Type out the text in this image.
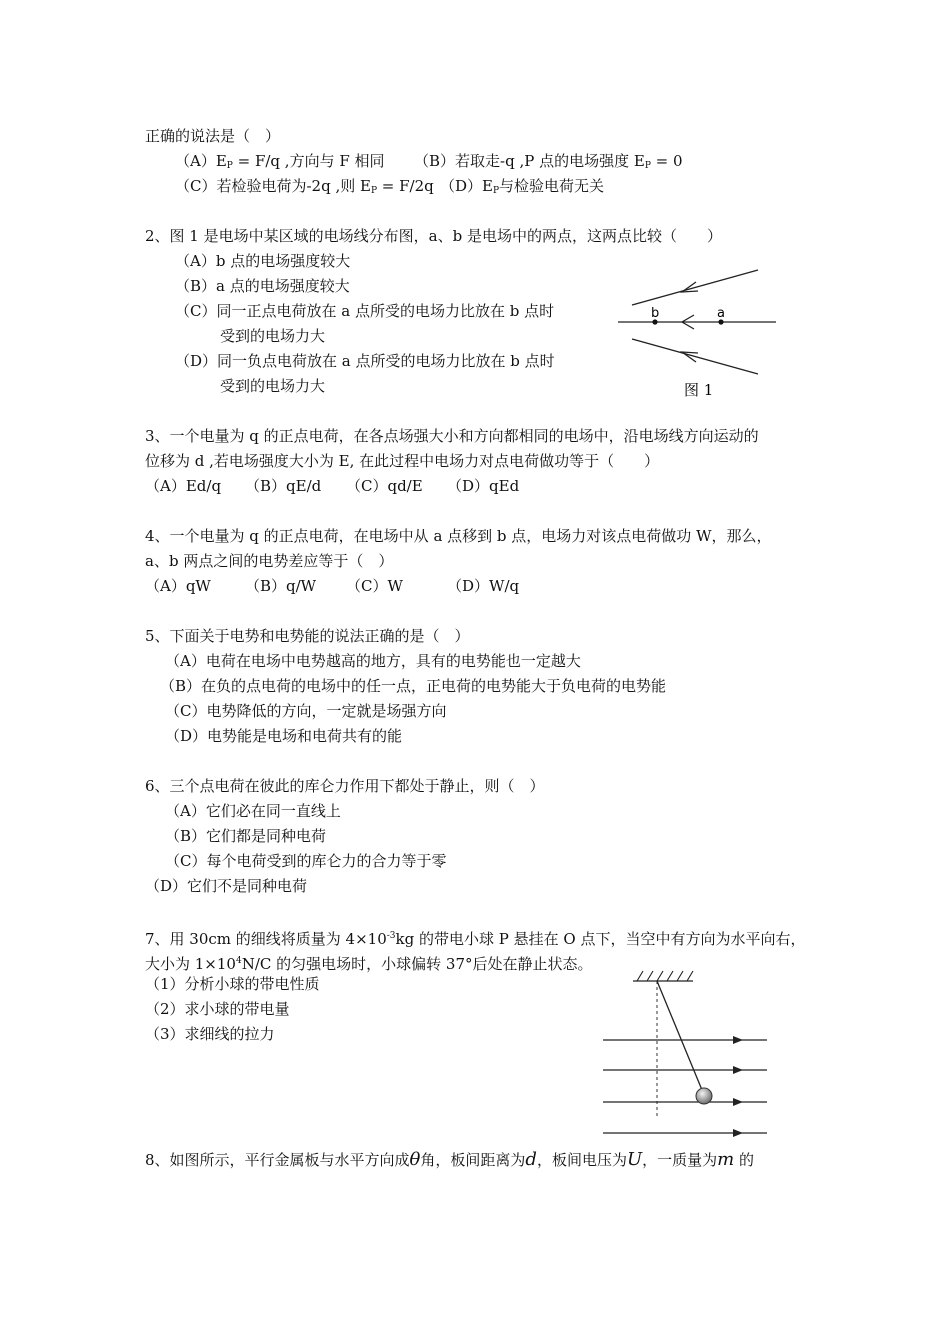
正确的说法是（　）
$(A)E_P = F/q$ ,方向与 F 相同 （B）若取走-q ,P 点的电场强度 $E_P = 0$
（C）若检验电荷为-2q ,则 $E_P = F/2q$ $(D)E_P$与检验电荷无关
2、图 1 是电场中某区域的电场线分布图，a、b 是电场中的两点，这两点比较（　　）
（A）b 点的电场强度较大
（B）a 点的电场强度较大
（C）同一正点电荷放在 a 点所受的电场力比放在 b 点时
受到的电场力大
（D）同一负点电荷放在 a 点所受的电场力比放在 b 点时
受到的电场力大
b	a
图 1
3、一个电量为 q 的正点电荷，在各点场强大小和方向都相同的电场中，沿电场线方向运动的
位移为 d ,若电场强度大小为 E, 在此过程中电场力对点电荷做功等于（　　）
（A）Ed/q （B）qE/d （C）qd/E （D）qEd
4、一个电量为 q 的正点电荷，在电场中从 a 点移到 b 点，电场力对该点电荷做功 W，那么，
a、b 两点之间的电势差应等于（　）
（A）qW （B）q/W （C）W	（D）W/q
5、下面关于电势和电势能的说法正确的是（　）
（A）电荷在电场中电势越高的地方，具有的电势能也一定越大
（B）在负的点电荷的电场中的任一点，正电荷的电势能大于负电荷的电势能
（C）电势降低的方向，一定就是场强方向
（D）电势能是电场和电荷共有的能
6、三个点电荷在彼此的库仑力作用下都处于静止，则（　）
（A）它们必在同一直线上
（B）它们都是同种电荷
（C）每个电荷受到的库仑力的合力等于零
（D）它们不是同种电荷
7、用 30cm 的细线将质量为 $4\times 10^{-3}kg$ 的带电小球 P 悬挂在 O 点下，当空中有方向为水平向右，
大小为 $1\times 10^4N/C$ 的匀强电场时，小球偏转 37°后处在静止状态。
（1）分析小球的带电性质
（2）求小球的带电量
（3）求细线的拉力
8、如图所示，平行金属板与水平方向成θ角，板间距离为d，板间电压为U，一质量为m 的
